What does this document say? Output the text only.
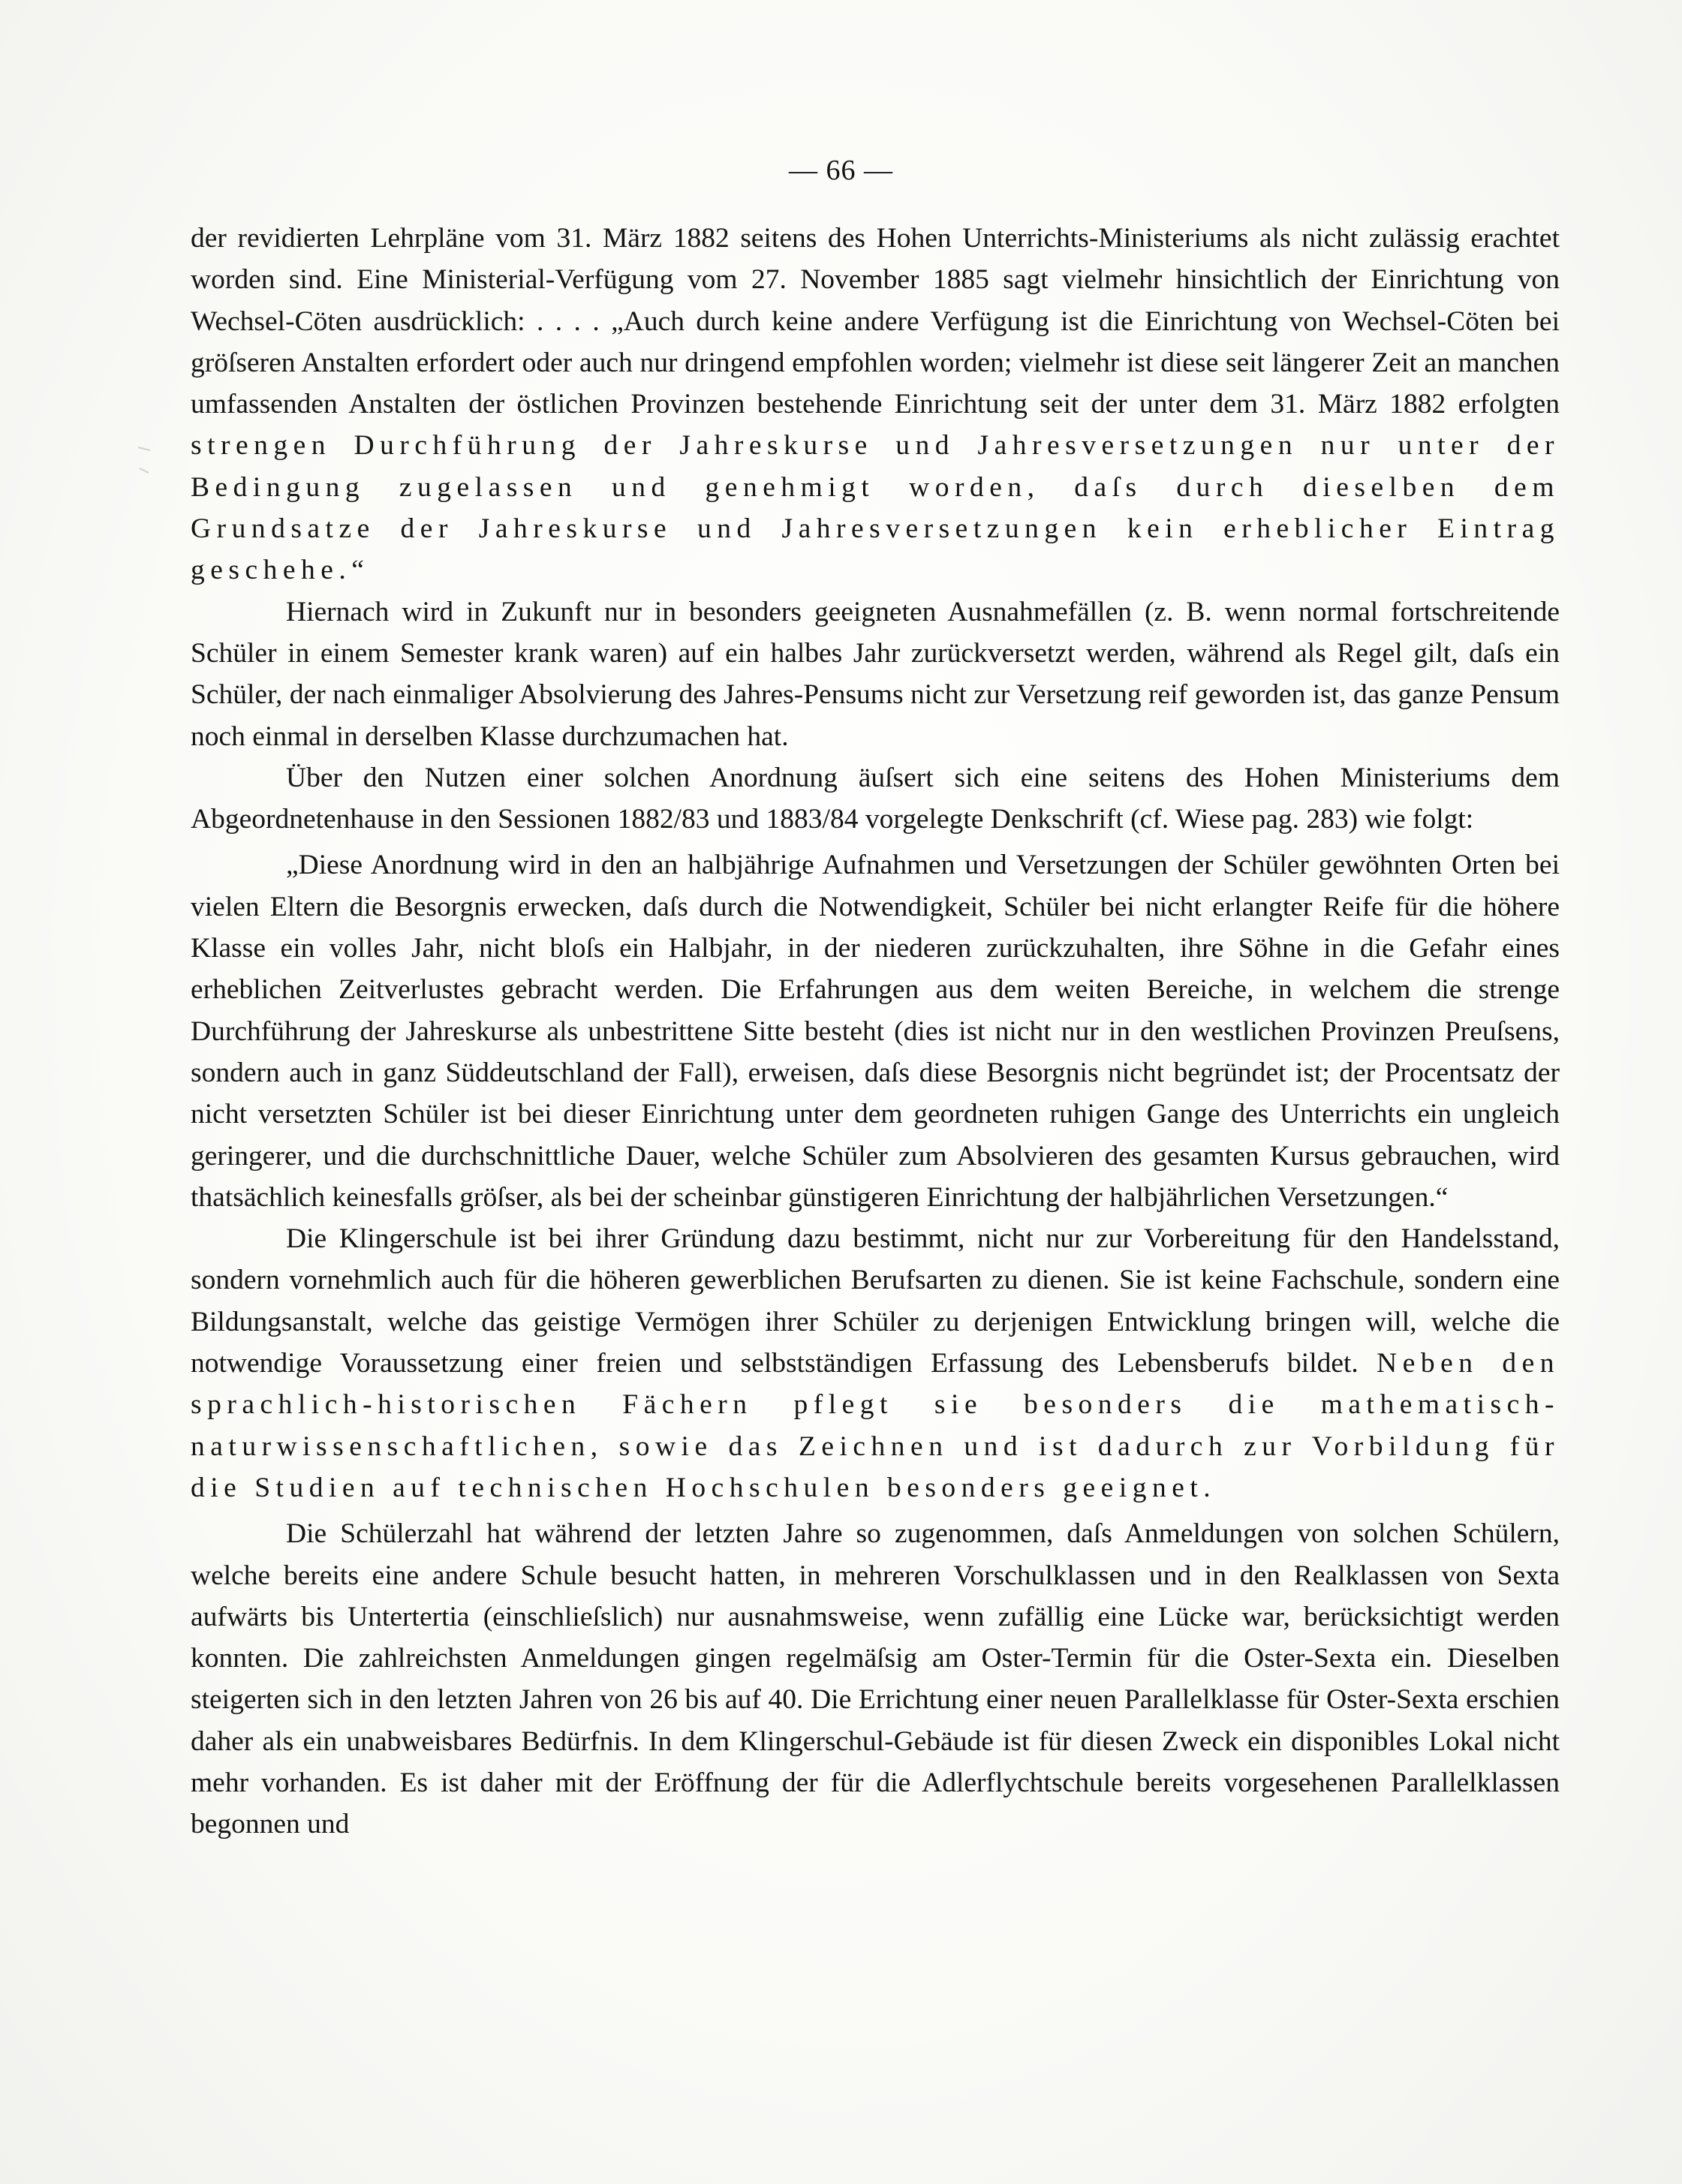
— 66 —

der revidierten Lehrpläne vom 31. März 1882 seitens des Hohen Unterrichts-Ministeriums als nicht zulässig erachtet worden sind. Eine Ministerial-Verfügung vom 27. November 1885 sagt vielmehr hinsichtlich der Einrichtung von Wechsel-Cöten ausdrücklich: . . . . „Auch durch keine andere Verfügung ist die Einrichtung von Wechsel-Cöten bei gröſseren Anstalten erfordert oder auch nur dringend empfohlen worden; vielmehr ist diese seit längerer Zeit an manchen umfassenden Anstalten der östlichen Provinzen bestehende Einrichtung seit der unter dem 31. März 1882 erfolgten strengen Durchführung der Jahreskurse und Jahresversetzungen nur unter der Bedingung zugelassen und genehmigt worden, daſs durch dieselben dem Grundsatze der Jahreskurse und Jahresversetzungen kein erheblicher Eintrag geschehe.“

Hiernach wird in Zukunft nur in besonders geeigneten Ausnahmefällen (z. B. wenn normal fortschreitende Schüler in einem Semester krank waren) auf ein halbes Jahr zurückversetzt werden, während als Regel gilt, daſs ein Schüler, der nach einmaliger Absolvierung des Jahres-Pensums nicht zur Versetzung reif geworden ist, das ganze Pensum noch einmal in derselben Klasse durchzumachen hat.

Über den Nutzen einer solchen Anordnung äuſsert sich eine seitens des Hohen Ministeriums dem Abgeordnetenhause in den Sessionen 1882/83 und 1883/84 vorgelegte Denkschrift (cf. Wiese pag. 283) wie folgt:

„Diese Anordnung wird in den an halbjährige Aufnahmen und Versetzungen der Schüler gewöhnten Orten bei vielen Eltern die Besorgnis erwecken, daſs durch die Notwendigkeit, Schüler bei nicht erlangter Reife für die höhere Klasse ein volles Jahr, nicht bloſs ein Halbjahr, in der niederen zurückzuhalten, ihre Söhne in die Gefahr eines erheblichen Zeitverlustes gebracht werden. Die Erfahrungen aus dem weiten Bereiche, in welchem die strenge Durchführung der Jahreskurse als unbestrittene Sitte besteht (dies ist nicht nur in den westlichen Provinzen Preuſsens, sondern auch in ganz Süddeutschland der Fall), erweisen, daſs diese Besorgnis nicht begründet ist; der Procentsatz der nicht versetzten Schüler ist bei dieser Einrichtung unter dem geordneten ruhigen Gange des Unterrichts ein ungleich geringerer, und die durchschnittliche Dauer, welche Schüler zum Absolvieren des gesamten Kursus gebrauchen, wird thatsächlich keinesfalls gröſser, als bei der scheinbar günstigeren Einrichtung der halbjährlichen Versetzungen.“

Die Klingerschule ist bei ihrer Gründung dazu bestimmt, nicht nur zur Vorbereitung für den Handelsstand, sondern vornehmlich auch für die höheren gewerblichen Berufsarten zu dienen. Sie ist keine Fachschule, sondern eine Bildungsanstalt, welche das geistige Vermögen ihrer Schüler zu derjenigen Entwicklung bringen will, welche die notwendige Voraussetzung einer freien und selbstständigen Erfassung des Lebensberufs bildet. Neben den sprachlich-historischen Fächern pflegt sie besonders die mathematisch-naturwissenschaftlichen, sowie das Zeichnen und ist dadurch zur Vorbildung für die Studien auf technischen Hochschulen besonders geeignet.

Die Schülerzahl hat während der letzten Jahre so zugenommen, daſs Anmeldungen von solchen Schülern, welche bereits eine andere Schule besucht hatten, in mehreren Vorschulklassen und in den Realklassen von Sexta aufwärts bis Untertertia (einschlieſslich) nur ausnahmsweise, wenn zufällig eine Lücke war, berücksichtigt werden konnten. Die zahlreichsten Anmeldungen gingen regelmäſsig am Oster-Termin für die Oster-Sexta ein. Dieselben steigerten sich in den letzten Jahren von 26 bis auf 40. Die Errichtung einer neuen Parallelklasse für Oster-Sexta erschien daher als ein unabweisbares Bedürfnis. In dem Klingerschul-Gebäude ist für diesen Zweck ein disponibles Lokal nicht mehr vorhanden. Es ist daher mit der Eröffnung der für die Adlerflychtschule bereits vorgesehenen Parallelklassen begonnen und
